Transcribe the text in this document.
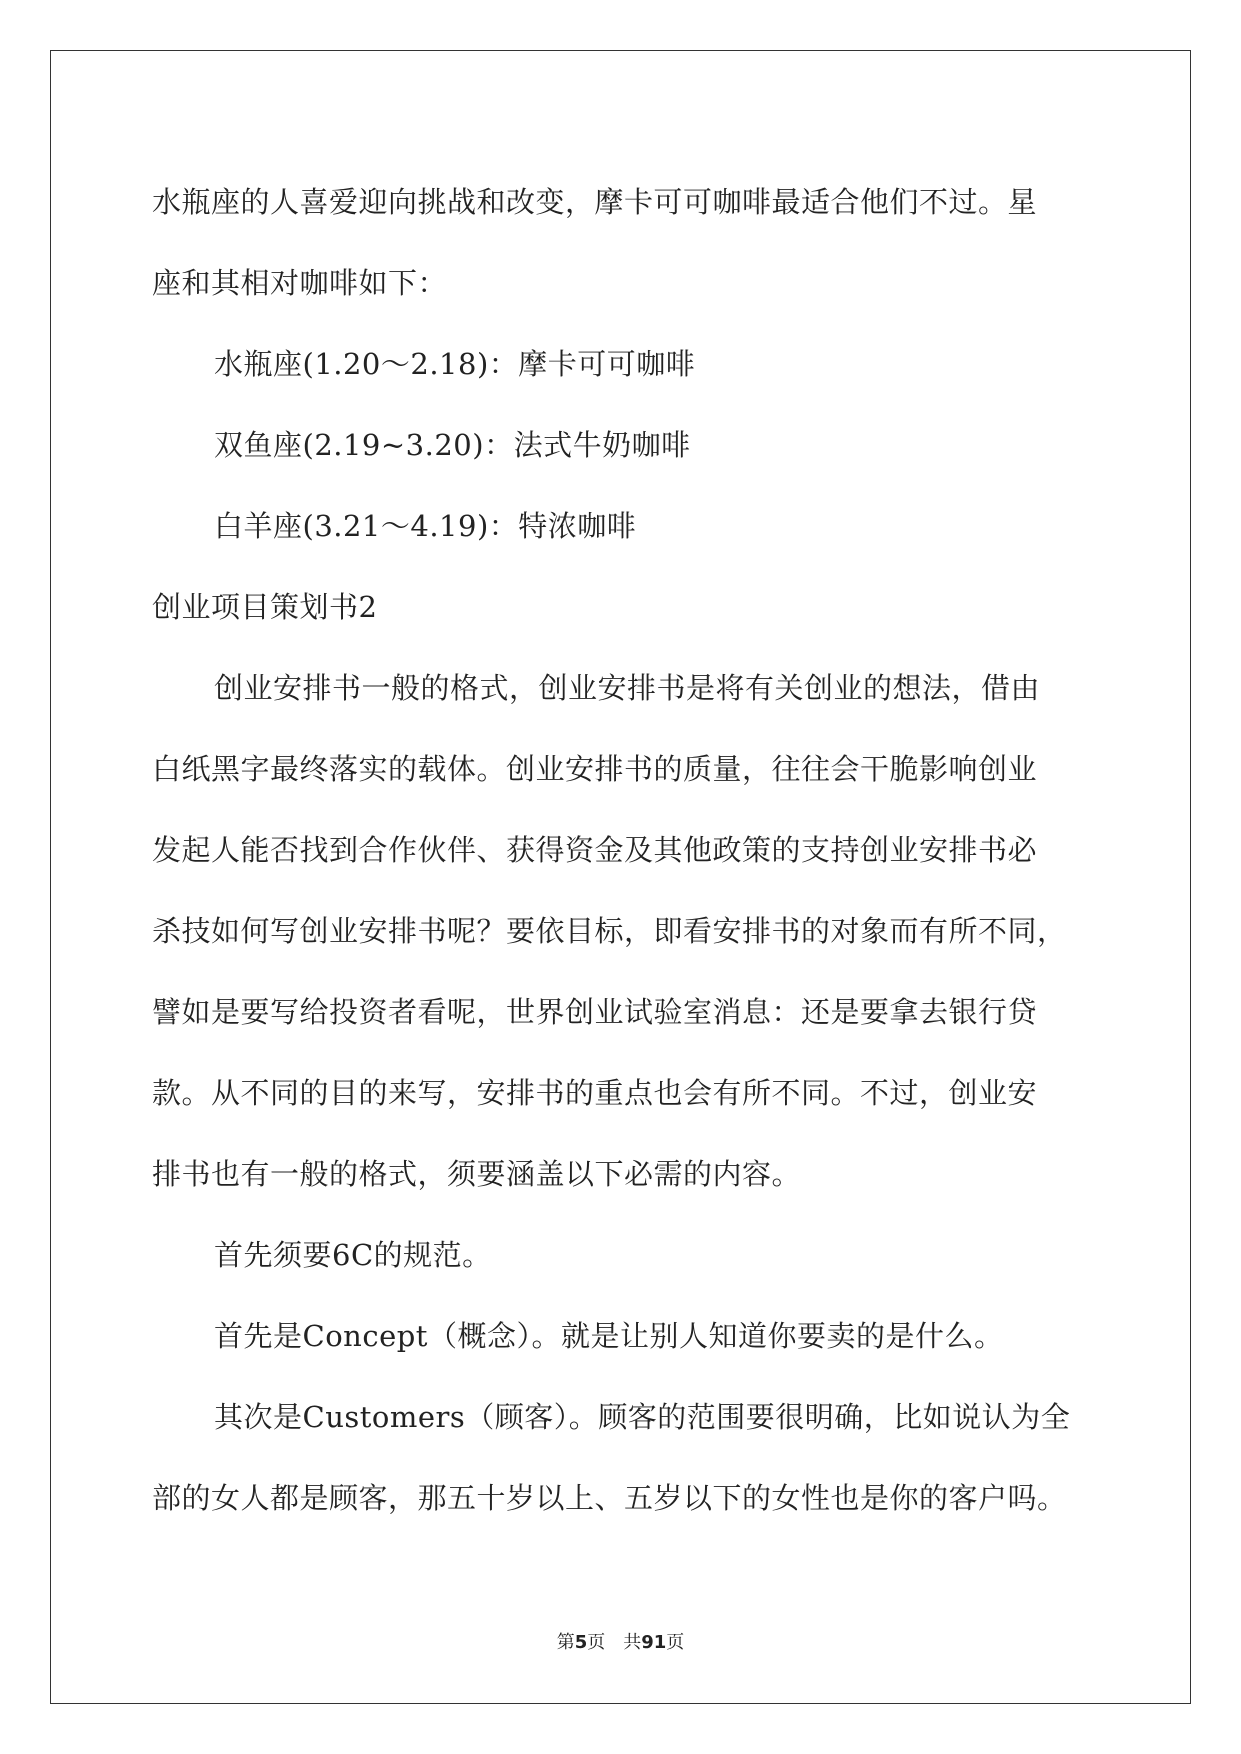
水瓶座的人喜爱迎向挑战和改变，摩卡可可咖啡最适合他们不过。星
座和其相对咖啡如下：
水瓶座(1.20～2.18)：摩卡可可咖啡
双鱼座(2.19~3.20)：法式牛奶咖啡
白羊座(3.21～4.19)：特浓咖啡
创业项目策划书2
创业安排书一般的格式，创业安排书是将有关创业的想法，借由
白纸黑字最终落实的载体。创业安排书的质量，往往会干脆影响创业
发起人能否找到合作伙伴、获得资金及其他政策的支持创业安排书必
杀技如何写创业安排书呢？要依目标，即看安排书的对象而有所不同，
譬如是要写给投资者看呢，世界创业试验室消息：还是要拿去银行贷
款。从不同的目的来写，安排书的重点也会有所不同。不过，创业安
排书也有一般的格式，须要涵盖以下必需的内容。
首先须要6C的规范。
首先是Concept（概念）。就是让别人知道你要卖的是什么。
其次是Customers（顾客）。顾客的范围要很明确，比如说认为全
部的女人都是顾客，那五十岁以上、五岁以下的女性也是你的客户吗。
第5页　共91页
